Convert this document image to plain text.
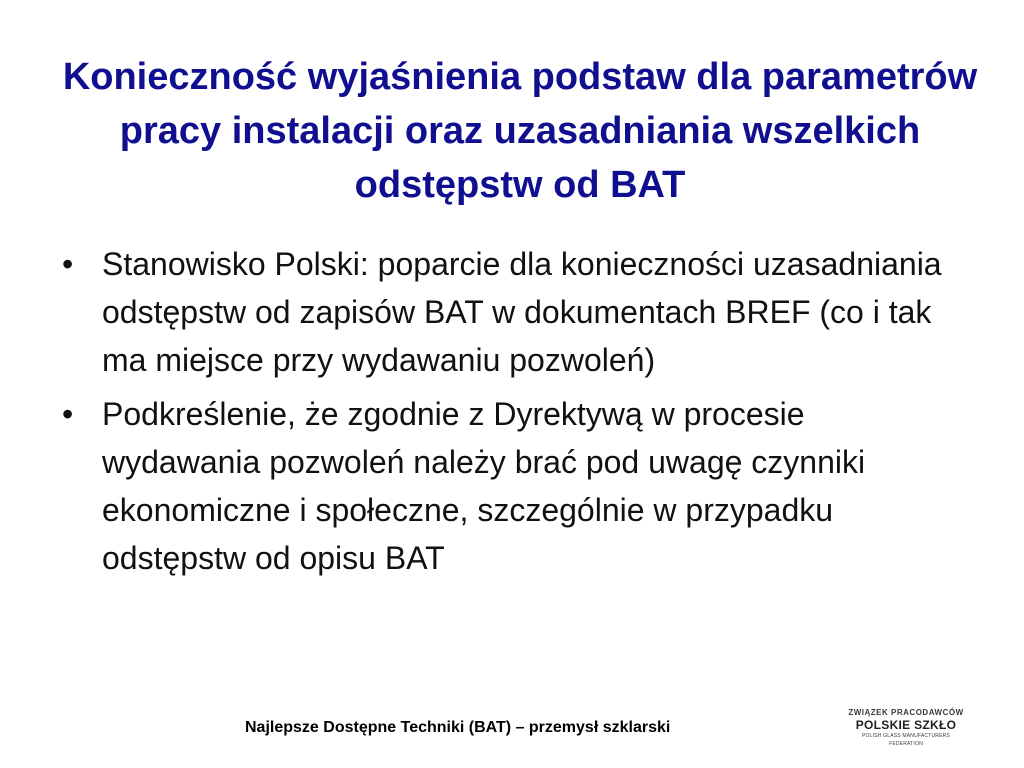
Konieczność wyjaśnienia podstaw dla parametrów pracy instalacji oraz uzasadniania wszelkich odstępstw od BAT
• Stanowisko Polski: poparcie dla konieczności uzasadniania odstępstw od zapisów BAT w dokumentach BREF (co i tak ma miejsce przy wydawaniu pozwoleń)
• Podkreślenie, że zgodnie z Dyrektywą w procesie wydawania pozwoleń należy brać pod uwagę czynniki ekonomiczne i społeczne, szczególnie w przypadku odstępstw od opisu BAT
Najlepsze Dostępne Techniki (BAT) – przemysł szklarski
ZWIĄZEK PRACODAWCÓW
POLSKIE SZKŁO
POLISH GLASS MANUFACTURERS FEDERATION
